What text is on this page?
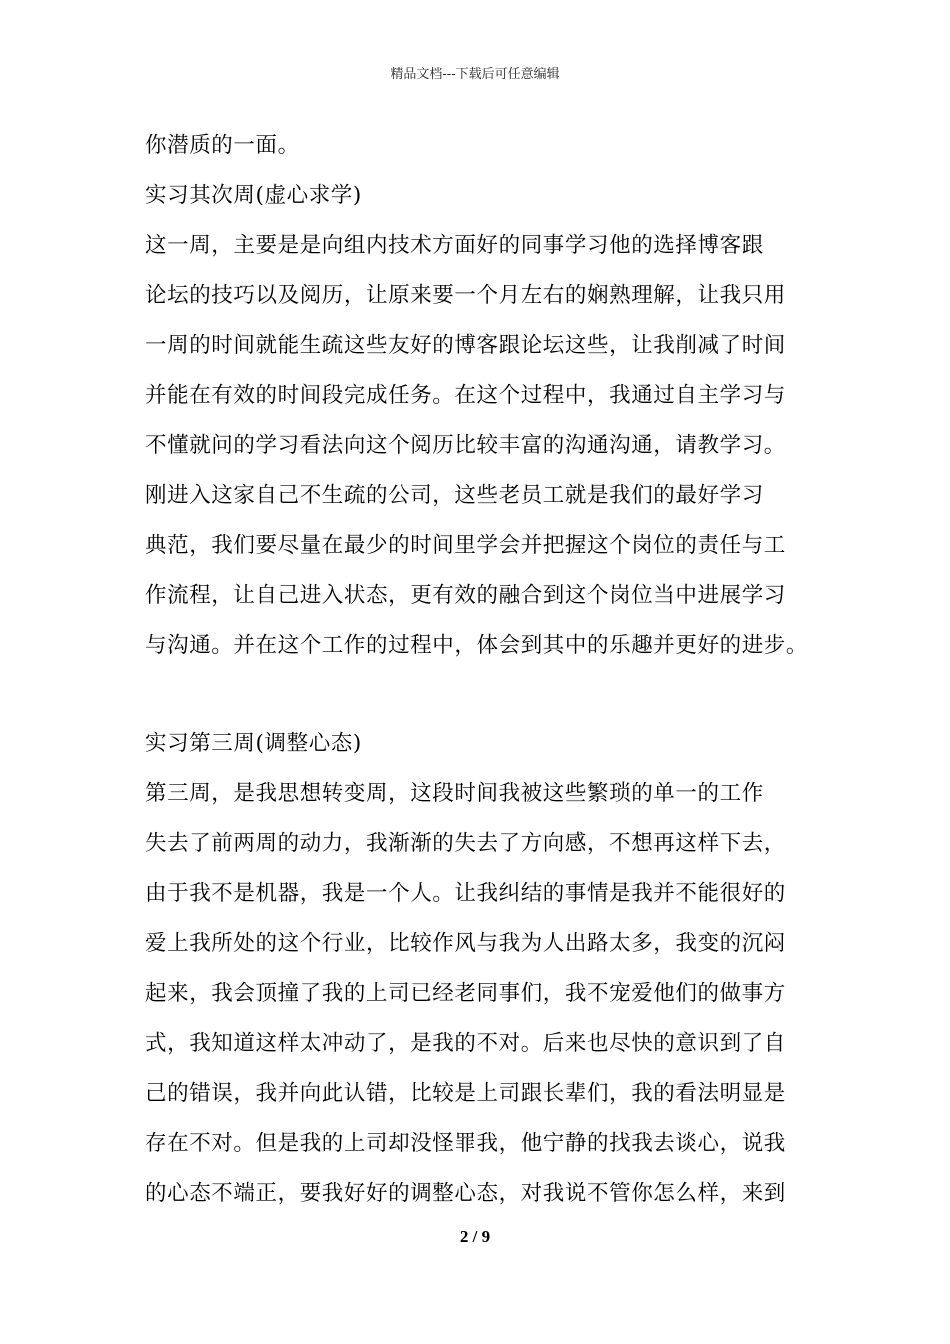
精品文档---下载后可任意编辑
你潜质的一面。
实习其次周(虚心求学)
这一周，主要是是向组内技术方面好的同事学习他的选择博客跟
论坛的技巧以及阅历，让原来要一个月左右的娴熟理解，让我只用
一周的时间就能生疏这些友好的博客跟论坛这些，让我削减了时间
并能在有效的时间段完成任务。在这个过程中，我通过自主学习与
不懂就问的学习看法向这个阅历比较丰富的沟通沟通，请教学习。
刚进入这家自己不生疏的公司，这些老员工就是我们的最好学习
典范，我们要尽量在最少的时间里学会并把握这个岗位的责任与工
作流程，让自己进入状态，更有效的融合到这个岗位当中进展学习
与沟通。并在这个工作的过程中，体会到其中的乐趣并更好的进步。
实习第三周(调整心态)
第三周，是我思想转变周，这段时间我被这些繁琐的单一的工作
失去了前两周的动力，我渐渐的失去了方向感，不想再这样下去，
由于我不是机器，我是一个人。让我纠结的事情是我并不能很好的
爱上我所处的这个行业，比较作风与我为人出路太多，我变的沉闷
起来，我会顶撞了我的上司已经老同事们，我不宠爱他们的做事方
式，我知道这样太冲动了，是我的不对。后来也尽快的意识到了自
己的错误，我并向此认错，比较是上司跟长辈们，我的看法明显是
存在不对。但是我的上司却没怪罪我，他宁静的找我去谈心，说我
的心态不端正，要我好好的调整心态，对我说不管你怎么样，来到
2 / 9
